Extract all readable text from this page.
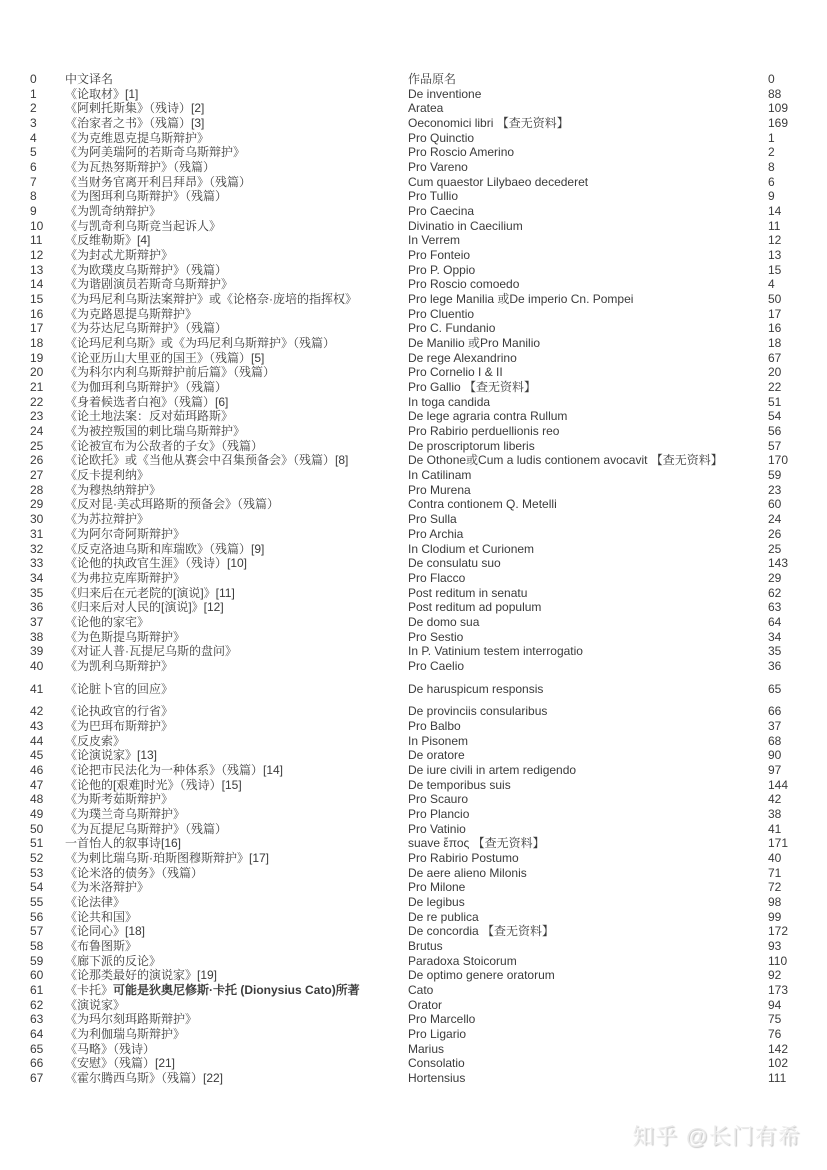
0	中文译名	作品原名	0
1	《论取材》[1]	De inventione	88
2	《阿剌托斯集》（残诗）[2]	Aratea	109
3	《治家者之书》（残篇）[3]	Oeconomici libri 【查无资料】	169
4	《为克维恩克提乌斯辩护》	Pro Quinctio	1
5	《为阿美瑞阿的若斯奇乌斯辩护》	Pro Roscio Amerino	2
6	《为瓦热努斯辩护》（残篇）	Pro Vareno	8
7	《当财务官离开利吕拜昂》（残篇）	Cum quaestor Lilybaeo decederet	6
8	《为图珥利乌斯辩护》（残篇）	Pro Tullio	9
9	《为凯奇纳辩护》	Pro Caecina	14
10	《与凯奇利乌斯竞当起诉人》	Divinatio in Caecilium	11
11	《反维勒斯》[4]	In Verrem	12
12	《为封忒尤斯辩护》	Pro Fonteio	13
13	《为欧璞皮乌斯辩护》（残篇）	Pro P. Oppio	15
14	《为谐剧演员若斯奇乌斯辩护》	Pro Roscio comoedo	4
15	《为玛尼利乌斯法案辩护》或《论格奈·庞培的指挥权》	Pro lege Manilia 或De imperio Cn. Pompei	50
16	《为克路恩提乌斯辩护》	Pro Cluentio	17
17	《为芬达尼乌斯辩护》（残篇）	Pro C. Fundanio	16
18	《论玛尼利乌斯》或《为玛尼利乌斯辩护》（残篇）	De Manilio 或Pro Manilio	18
19	《论亚历山大里亚的国王》（残篇）[5]	De rege Alexandrino	67
20	《为科尔内利乌斯辩护前后篇》（残篇）	Pro Cornelio I & II	20
21	《为伽珥利乌斯辩护》（残篇）	Pro Gallio 【查无资料】	22
22	《身着候选者白袍》（残篇）[6]	In toga candida	51
23	《论土地法案：反对茹珥路斯》	De lege agraria contra Rullum	54
24	《为被控叛国的剌比瑞乌斯辩护》	Pro Rabirio perduellionis reo	56
25	《论被宣布为公敌者的子女》（残篇）	De proscriptorum liberis	57
26	《论欧托》或《当他从赛会中召集预备会》（残篇）[8]	De Othone或Cum a ludis contionem avocavit 【查无资料】	170
27	《反卡提利纳》	In Catilinam	59
28	《为穆热纳辩护》	Pro Murena	23
29	《反对昆·美忒珥路斯的预备会》（残篇）	Contra contionem Q. Metelli	60
30	《为苏拉辩护》	Pro Sulla	24
31	《为阿尔奇阿斯辩护》	Pro Archia	26
32	《反克洛迪乌斯和库瑞欧》（残篇）[9]	In Clodium et Curionem	25
33	《论他的执政官生涯》（残诗）[10]	De consulatu suo	143
34	《为弗拉克库斯辩护》	Pro Flacco	29
35	《归来后在元老院的[演说]》[11]	Post reditum in senatu	62
36	《归来后对人民的[演说]》[12]	Post reditum ad populum	63
37	《论他的家宅》	De domo sua	64
38	《为色斯提乌斯辩护》	Pro Sestio	34
39	《对证人普·瓦提尼乌斯的盘问》	In P. Vatinium testem interrogatio	35
40	《为凯利乌斯辩护》	Pro Caelio	36
41	《论脏卜官的回应》	De haruspicum responsis	65
42	《论执政官的行省》	De provinciis consularibus	66
43	《为巴珥布斯辩护》	Pro Balbo	37
44	《反皮索》	In Pisonem	68
45	《论演说家》[13]	De oratore	90
46	《论把市民法化为一种体系》（残篇）[14]	De iure civili in artem redigendo	97
47	《论他的[艰难]时光》（残诗）[15]	De temporibus suis	144
48	《为斯考茹斯辩护》	Pro Scauro	42
49	《为璞兰奇乌斯辩护》	Pro Plancio	38
50	《为瓦提尼乌斯辩护》（残篇）	Pro Vatinio	41
51	一首怡人的叙事诗[16]	suave ἔπος 【查无资料】	171
52	《为剌比瑞乌斯·珀斯图穆斯辩护》[17]	Pro Rabirio Postumo	40
53	《论米洛的债务》（残篇）	De aere alieno Milonis	71
54	《为米洛辩护》	Pro Milone	72
55	《论法律》	De legibus	98
56	《论共和国》	De re publica	99
57	《论同心》[18]	De concordia 【查无资料】	172
58	《布鲁图斯》	Brutus	93
59	《廊下派的反论》	Paradoxa Stoicorum	110
60	《论那类最好的演说家》[19]	De optimo genere oratorum	92
61	《卡托》可能是狄奥尼修斯·卡托 (Dionysius Cato)所著	Cato	173
62	《演说家》	Orator	94
63	《为玛尔刻珥路斯辩护》	Pro Marcello	75
64	《为利伽瑞乌斯辩护》	Pro Ligario	76
65	《马略》（残诗）	Marius	142
66	《安慰》（残篇）[21]	Consolatio	102
67	《霍尔腾西乌斯》（残篇）[22]	Hortensius	111
知乎 @长门有希
